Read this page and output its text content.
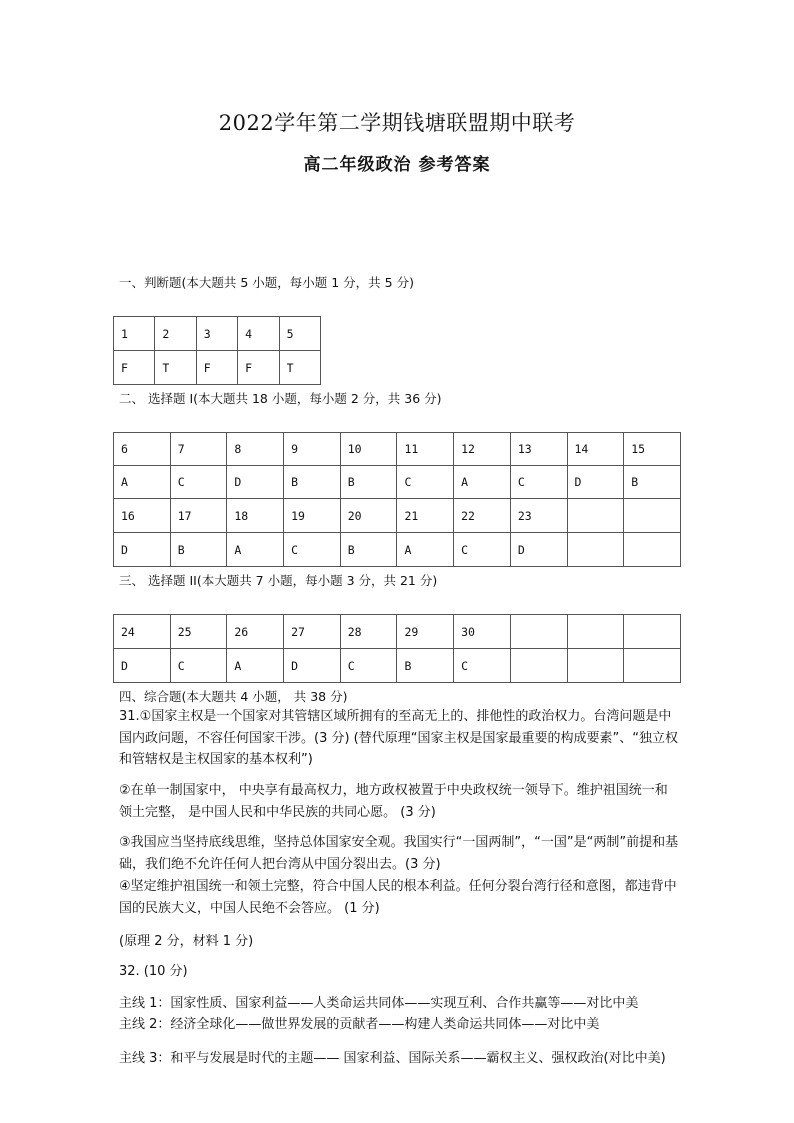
2022学年第二学期钱塘联盟期中联考
高二年级政治 参考答案
一、判断题(本大题共 5 小题，每小题 1 分，共 5 分)
1	2	3	4	5
F	T	F	F	T
二、 选择题 I(本大题共 18 小题，每小题 2 分，共 36 分)
6	7	8	9	10	11	12	13	14	15
A	C	D	B	B	C	A	C	D	B
16	17	18	19	20	21	22	23		
D	B	A	C	B	A	C	D		
三、 选择题 II(本大题共 7 小题，每小题 3 分，共 21 分)
24	25	26	27	28	29	30			
D	C	A	D	C	B	C			
四、综合题(本大题共 4 小题， 共 38 分)
31.①国家主权是一个国家对其管辖区域所拥有的至高无上的、排他性的政治权力。台湾问题是中国内政问题，不容任何国家干涉。(3 分) (替代原理“国家主权是国家最重要的构成要素”、“独立权和管辖权是主权国家的基本权利”)
②在单一制国家中， 中央享有最高权力，地方政权被置于中央政权统一领导下。维护祖国统一和领土完整， 是中国人民和中华民族的共同心愿。 (3 分)
③我国应当坚持底线思维，坚持总体国家安全观。我国实行“一国两制”，“一国”是“两制”前提和基础，我们绝不允许任何人把台湾从中国分裂出去。(3 分)
④坚定维护祖国统一和领土完整，符合中国人民的根本利益。任何分裂台湾行径和意图，都违背中国的民族大义，中国人民绝不会答应。 (1 分)
(原理 2 分，材料 1 分)
32. (10 分)
主线 1：国家性质、国家利益——人类命运共同体——实现互利、合作共赢等——对比中美
主线 2：经济全球化——做世界发展的贡献者——构建人类命运共同体——对比中美
主线 3：和平与发展是时代的主题—— 国家利益、国际关系——霸权主义、强权政治(对比中美)
